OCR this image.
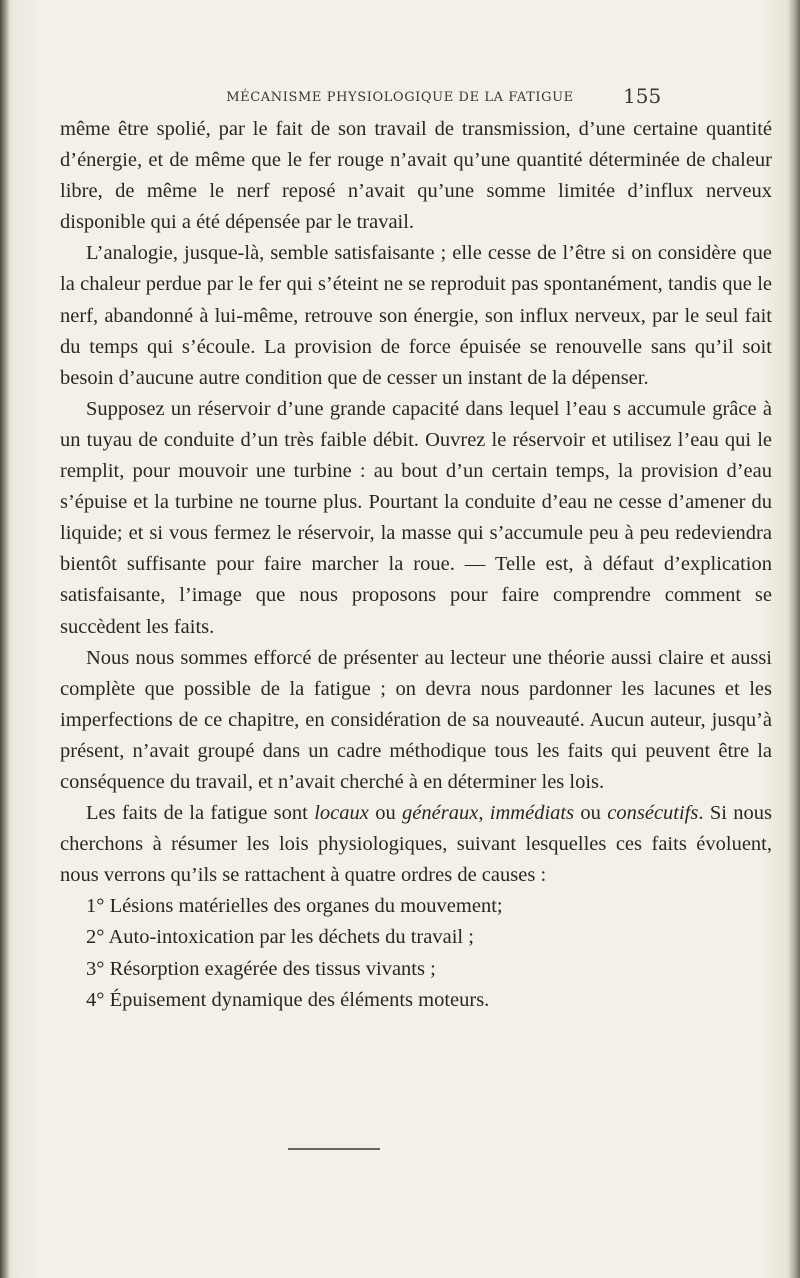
MÉCANISME PHYSIOLOGIQUE DE LA FATIGUE	155

même être spolié, par le fait de son travail de transmission, d’une certaine quantité d’énergie, et de même que le fer rouge n’avait qu’une quantité déterminée de chaleur libre, de même le nerf reposé n’avait qu’une somme limitée d’influx nerveux disponible qui a été dépensée par le travail.

L’analogie, jusque-là, semble satisfaisante ; elle cesse de l’être si on considère que la chaleur perdue par le fer qui s’éteint ne se reproduit pas spontanément, tandis que le nerf, abandonné à lui-même, retrouve son énergie, son influx nerveux, par le seul fait du temps qui s’écoule. La provision de force épuisée se renouvelle sans qu’il soit besoin d’aucune autre condition que de cesser un instant de la dépenser.

Supposez un réservoir d’une grande capacité dans lequel l’eau s accumule grâce à un tuyau de conduite d’un très faible débit. Ouvrez le réservoir et utilisez l’eau qui le remplit, pour mouvoir une turbine : au bout d’un certain temps, la provision d’eau s’épuise et la turbine ne tourne plus. Pourtant la conduite d’eau ne cesse d’amener du liquide; et si vous fermez le réservoir, la masse qui s’accumule peu à peu redeviendra bientôt suffisante pour faire marcher la roue. — Telle est, à défaut d’explication satisfaisante, l’image que nous proposons pour faire comprendre comment se succèdent les faits.

Nous nous sommes efforcé de présenter au lecteur une théorie aussi claire et aussi complète que possible de la fatigue ; on devra nous pardonner les lacunes et les imperfections de ce chapitre, en considération de sa nouveauté. Aucun auteur, jusqu’à présent, n’avait groupé dans un cadre méthodique tous les faits qui peuvent être la conséquence du travail, et n’avait cherché à en déterminer les lois.

Les faits de la fatigue sont locaux ou généraux, immédiats ou consécutifs. Si nous cherchons à résumer les lois physiologiques, suivant lesquelles ces faits évoluent, nous verrons qu’ils se rattachent à quatre ordres de causes :

1° Lésions matérielles des organes du mouvement;
2° Auto-intoxication par les déchets du travail ;
3° Résorption exagérée des tissus vivants ;
4° Épuisement dynamique des éléments moteurs.
